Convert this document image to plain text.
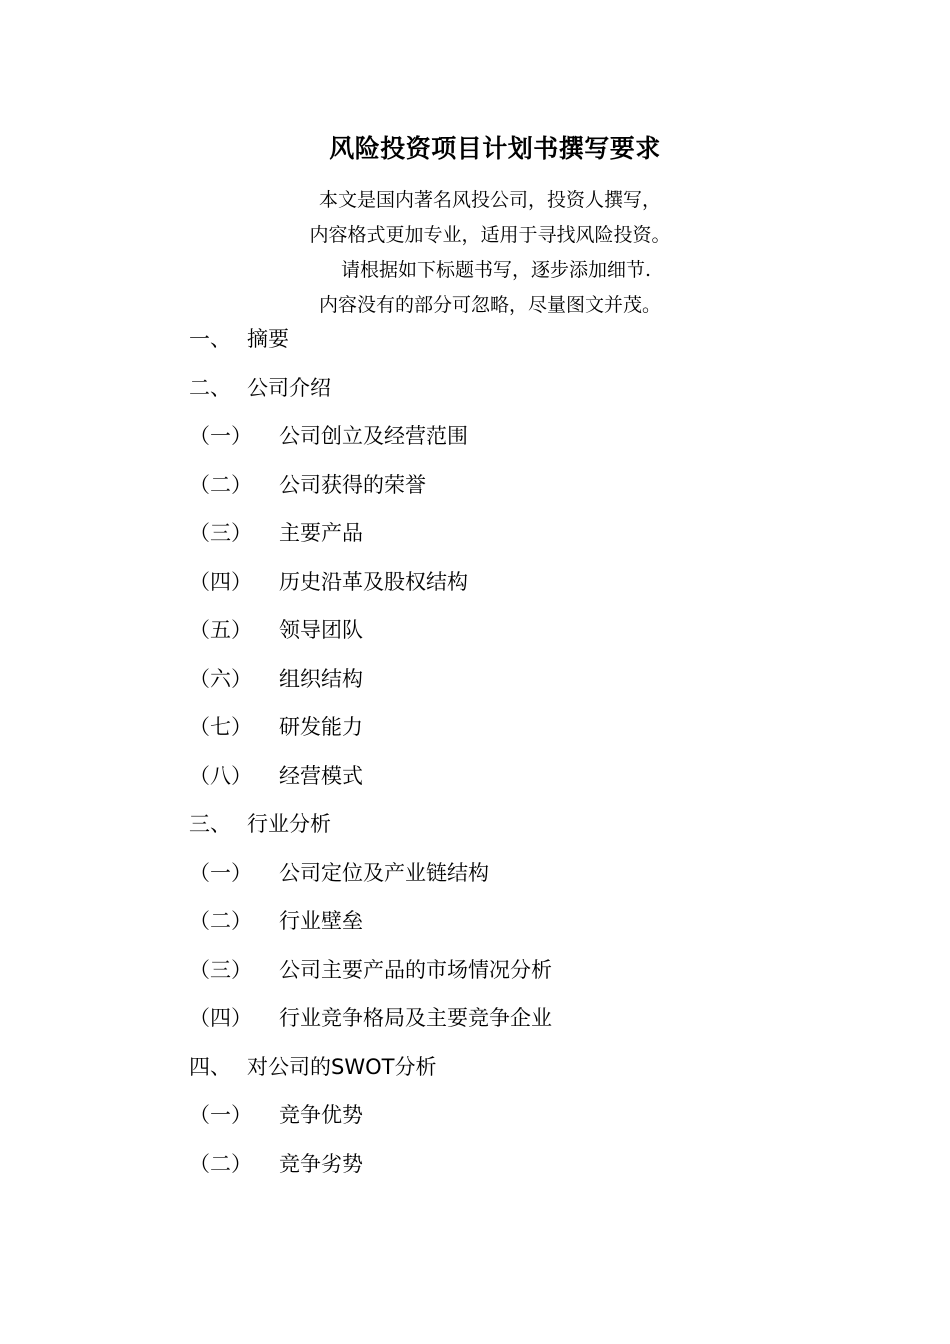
风险投资项目计划书撰写要求
本文是国内著名风投公司，投资人撰写，
内容格式更加专业，适用于寻找风险投资。
请根据如下标题书写，逐步添加细节.
内容没有的部分可忽略，尽量图文并茂。
一、 摘要
二、 公司介绍
（一） 公司创立及经营范围
（二） 公司获得的荣誉
（三） 主要产品
（四） 历史沿革及股权结构
（五） 领导团队
（六） 组织结构
（七） 研发能力
（八） 经营模式
三、 行业分析
（一） 公司定位及产业链结构
（二） 行业壁垒
（三） 公司主要产品的市场情况分析
（四） 行业竞争格局及主要竞争企业
四、 对公司的SWOT分析
（一） 竞争优势
（二） 竞争劣势
